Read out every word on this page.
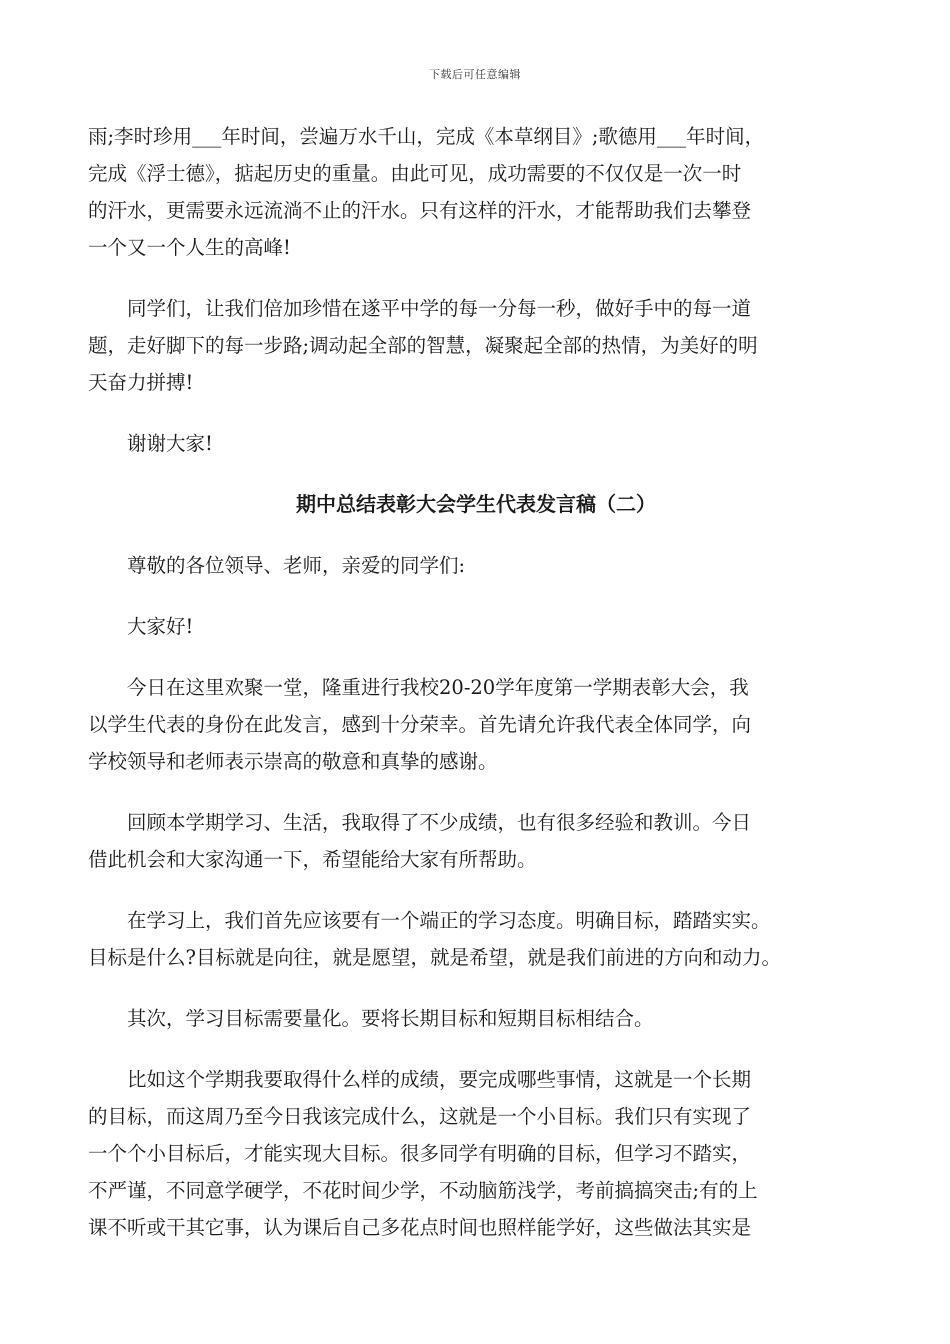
下载后可任意编辑
雨;李时珍用___年时间，尝遍万水千山，完成《本草纲目》;歌德用___年时间，
完成《浮士德》，掂起历史的重量。由此可见，成功需要的不仅仅是一次一时
的汗水，更需要永远流淌不止的汗水。只有这样的汗水，才能帮助我们去攀登
一个又一个人生的高峰!
　　同学们，让我们倍加珍惜在遂平中学的每一分每一秒，做好手中的每一道
题，走好脚下的每一步路;调动起全部的智慧，凝聚起全部的热情，为美好的明
天奋力拼搏!
　　谢谢大家!
期中总结表彰大会学生代表发言稿（二）
　　尊敬的各位领导、老师，亲爱的同学们:
　　大家好!
　　今日在这里欢聚一堂，隆重进行我校20-20学年度第一学期表彰大会，我
以学生代表的身份在此发言，感到十分荣幸。首先请允许我代表全体同学，向
学校领导和老师表示崇高的敬意和真挚的感谢。
　　回顾本学期学习、生活，我取得了不少成绩，也有很多经验和教训。今日
借此机会和大家沟通一下，希望能给大家有所帮助。
　　在学习上，我们首先应该要有一个端正的学习态度。明确目标，踏踏实实。
目标是什么?目标就是向往，就是愿望，就是希望，就是我们前进的方向和动力。
　　其次，学习目标需要量化。要将长期目标和短期目标相结合。
　　比如这个学期我要取得什么样的成绩，要完成哪些事情，这就是一个长期
的目标，而这周乃至今日我该完成什么，这就是一个小目标。我们只有实现了
一个个小目标后，才能实现大目标。很多同学有明确的目标，但学习不踏实，
不严谨，不同意学硬学，不花时间少学，不动脑筋浅学，考前搞搞突击;有的上
课不听或干其它事，认为课后自己多花点时间也照样能学好，这些做法其实是
